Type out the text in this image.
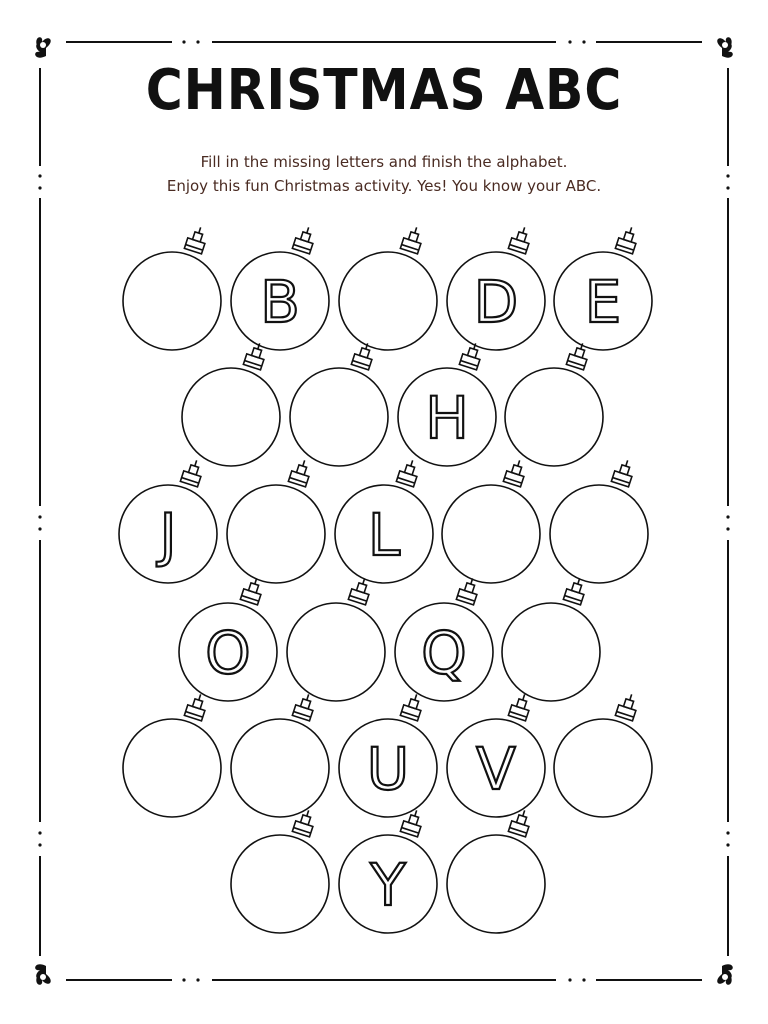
CHRISTMAS ABC
Fill in the missing letters and finish the alphabet.
Enjoy this fun Christmas activity. Yes! You know your ABC.
B	D E
H
J	L
O	Q
U V
Y
